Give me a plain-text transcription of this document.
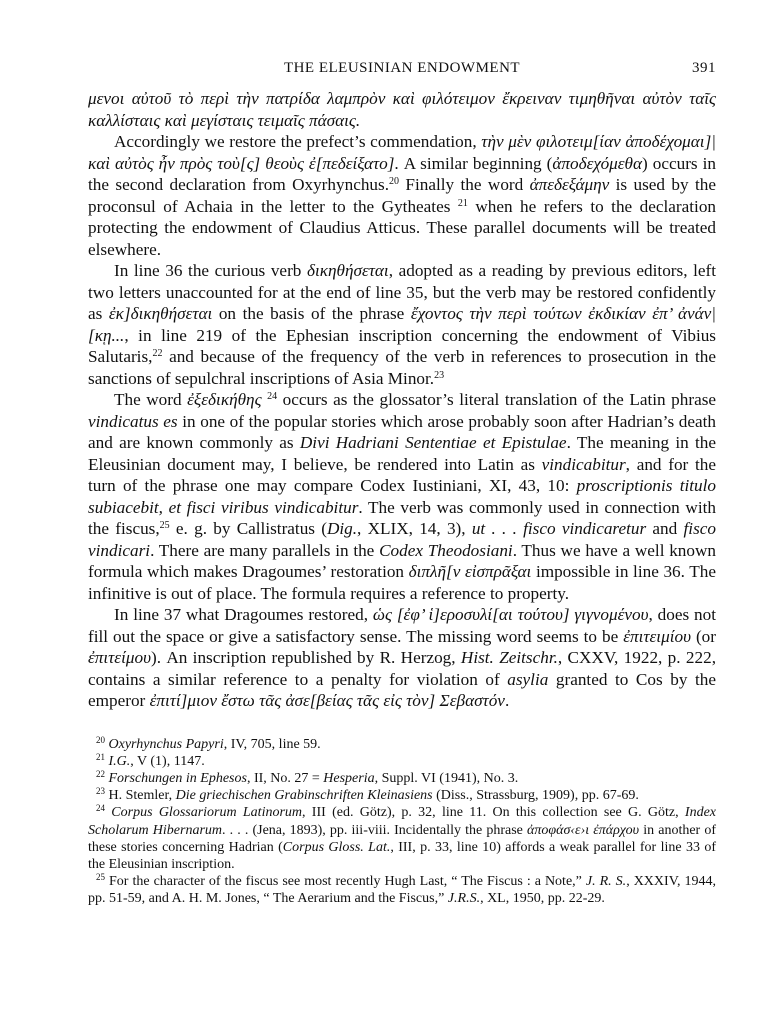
THE ELEUSINIAN ENDOWMENT	391

μενοι αὐτοῦ τὸ περὶ τὴν πατρίδα λαμπρὸν καὶ φιλότειμον ἔκρειναν τιμηθῆναι αὐτὸν ταῖς καλλίσταις καὶ μεγίσταις τειμαῖς πάσαις.

Accordingly we restore the prefect’s commendation, τὴν μὲν φιλοτειμ[ίαν ἀποδέχομαι]| καὶ αὐτὸς ἦν πρὸς τοὺ[ς] θεοὺς ἐ[πεδείξατο]. A similar beginning (ἀποδεχόμεθα) occurs in the second declaration from Oxyrhynchus.$^{20}$ Finally the word ἀπεδεξάμην is used by the proconsul of Achaia in the letter to the Gytheates $^{21}$ when he refers to the declaration protecting the endowment of Claudius Atticus. These parallel documents will be treated elsewhere.

In line 36 the curious verb δικηθήσεται, adopted as a reading by previous editors, left two letters unaccounted for at the end of line 35, but the verb may be restored confidently as ἐκ]δικηθήσεται on the basis of the phrase ἔχοντος τὴν περὶ τούτων ἐκδικίαν ἐπ’ ἀνάν|[κῃ..., in line 219 of the Ephesian inscription concerning the endowment of Vibius Salutaris,$^{22}$ and because of the frequency of the verb in references to prosecution in the sanctions of sepulchral inscriptions of Asia Minor.$^{23}$

The word ἐξεδικήθης $^{24}$ occurs as the glossator’s literal translation of the Latin phrase vindicatus es in one of the popular stories which arose probably soon after Hadrian’s death and are known commonly as Divi Hadriani Sententiae et Epistulae. The meaning in the Eleusinian document may, I believe, be rendered into Latin as vindicabitur, and for the turn of the phrase one may compare Codex Iustiniani, XI, 43, 10: proscriptionis titulo subiacebit, et fisci viribus vindicabitur. The verb was commonly used in connection with the fiscus,$^{25}$ e. g. by Callistratus (Dig., XLIX, 14, 3), ut . . . fisco vindicaretur and fisco vindicari. There are many parallels in the Codex Theodosiani. Thus we have a well known formula which makes Dragoumes’ restoration διπλῆ[ν εἰσπρᾶξαι impossible in line 36. The infinitive is out of place. The formula requires a reference to property.

In line 37 what Dragoumes restored, ὡς [ἐφ’ ἱ]εροσυλί[αι τούτου] γιγνομένου, does not fill out the space or give a satisfactory sense. The missing word seems to be ἐπιτειμίου (or ἐπιτείμου). An inscription republished by R. Herzog, Hist. Zeitschr., CXXV, 1922, p. 222, contains a similar reference to a penalty for violation of asylia granted to Cos by the emperor ἐπιτί]μιον ἔστω τᾶς ἀσε[βείας τᾶς εἰς τὸν] Σεβαστόν.

$^{20}$ Oxyrhynchus Papyri, IV, 705, line 59.

$^{21}$ I.G., V (1), 1147.

$^{22}$ Forschungen in Ephesos, II, No. 27 = Hesperia, Suppl. VI (1941), No. 3.

$^{23}$ H. Stemler, Die griechischen Grabinschriften Kleinasiens (Diss., Strassburg, 1909), pp. 67-69.

$^{24}$ Corpus Glossariorum Latinorum, III (ed. Götz), p. 32, line 11. On this collection see G. Götz, Index Scholarum Hibernarum. . . . (Jena, 1893), pp. iii-viii. Incidentally the phrase ἀποφάσ‹ε›ι ἐπάρχου in another of these stories concerning Hadrian (Corpus Gloss. Lat., III, p. 33, line 10) affords a weak parallel for line 33 of the Eleusinian inscription.

$^{25}$ For the character of the fiscus see most recently Hugh Last, “ The Fiscus : a Note,” J. R. S., XXXIV, 1944, pp. 51-59, and A. H. M. Jones, “ The Aerarium and the Fiscus,” J.R.S., XL, 1950, pp. 22-29.
